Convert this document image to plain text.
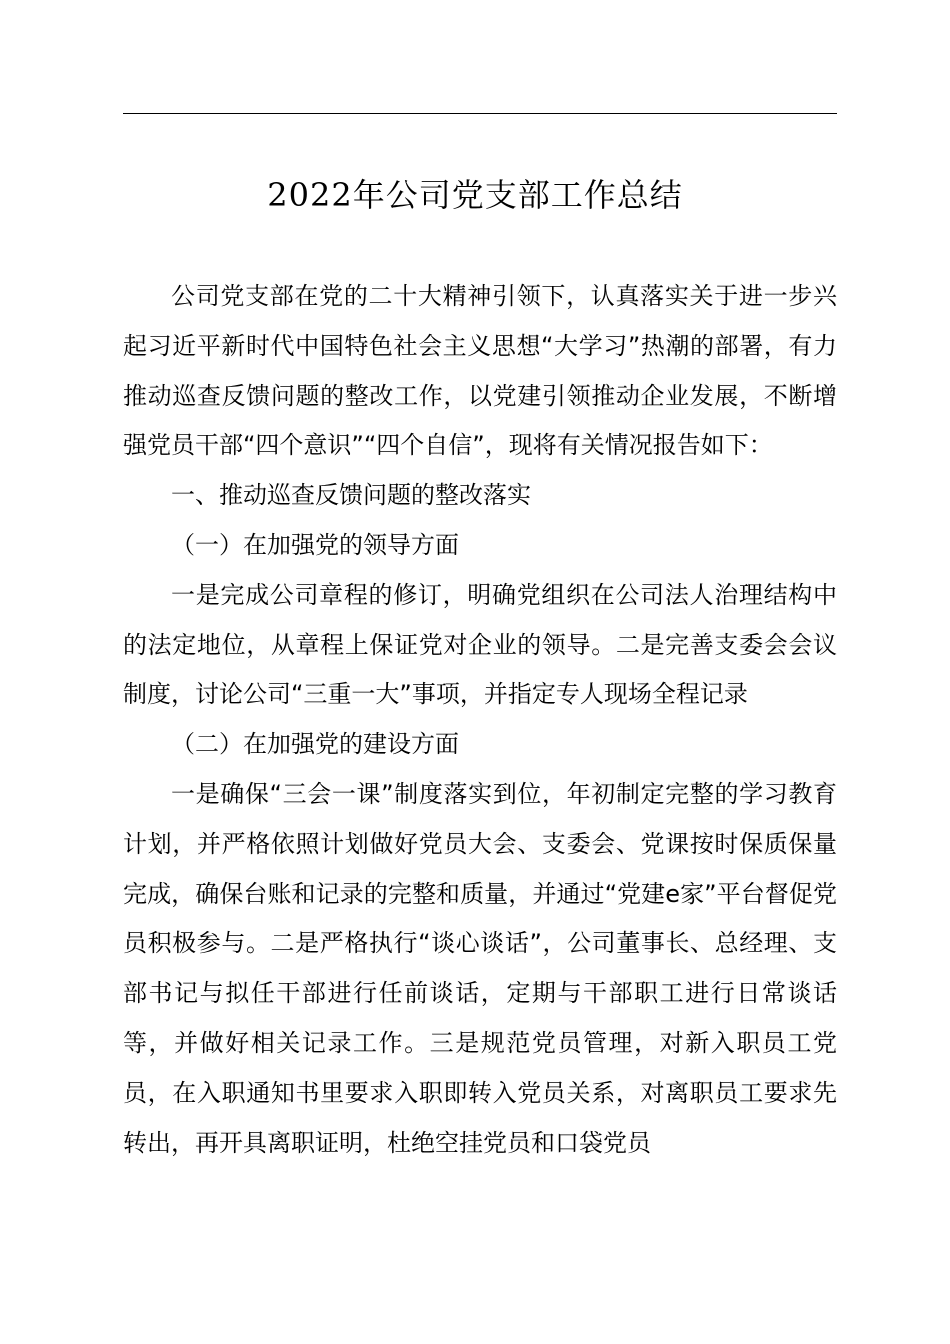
2022年公司党支部工作总结

公司党支部在党的二十大精神引领下，认真落实关于进一步兴起习近平新时代中国特色社会主义思想“大学习”热潮的部署，有力推动巡查反馈问题的整改工作，以党建引领推动企业发展，不断增强党员干部“四个意识”“四个自信”，现将有关情况报告如下：

一、推动巡查反馈问题的整改落实

（一）在加强党的领导方面

一是完成公司章程的修订，明确党组织在公司法人治理结构中的法定地位，从章程上保证党对企业的领导。二是完善支委会会议制度，讨论公司“三重一大”事项，并指定专人现场全程记录

（二）在加强党的建设方面

一是确保“三会一课”制度落实到位，年初制定完整的学习教育计划，并严格依照计划做好党员大会、支委会、党课按时保质保量完成，确保台账和记录的完整和质量，并通过“党建e家”平台督促党员积极参与。二是严格执行“谈心谈话”，公司董事长、总经理、支部书记与拟任干部进行任前谈话，定期与干部职工进行日常谈话等，并做好相关记录工作。三是规范党员管理，对新入职员工党员，在入职通知书里要求入职即转入党员关系，对离职员工要求先转出，再开具离职证明，杜绝空挂党员和口袋党员
